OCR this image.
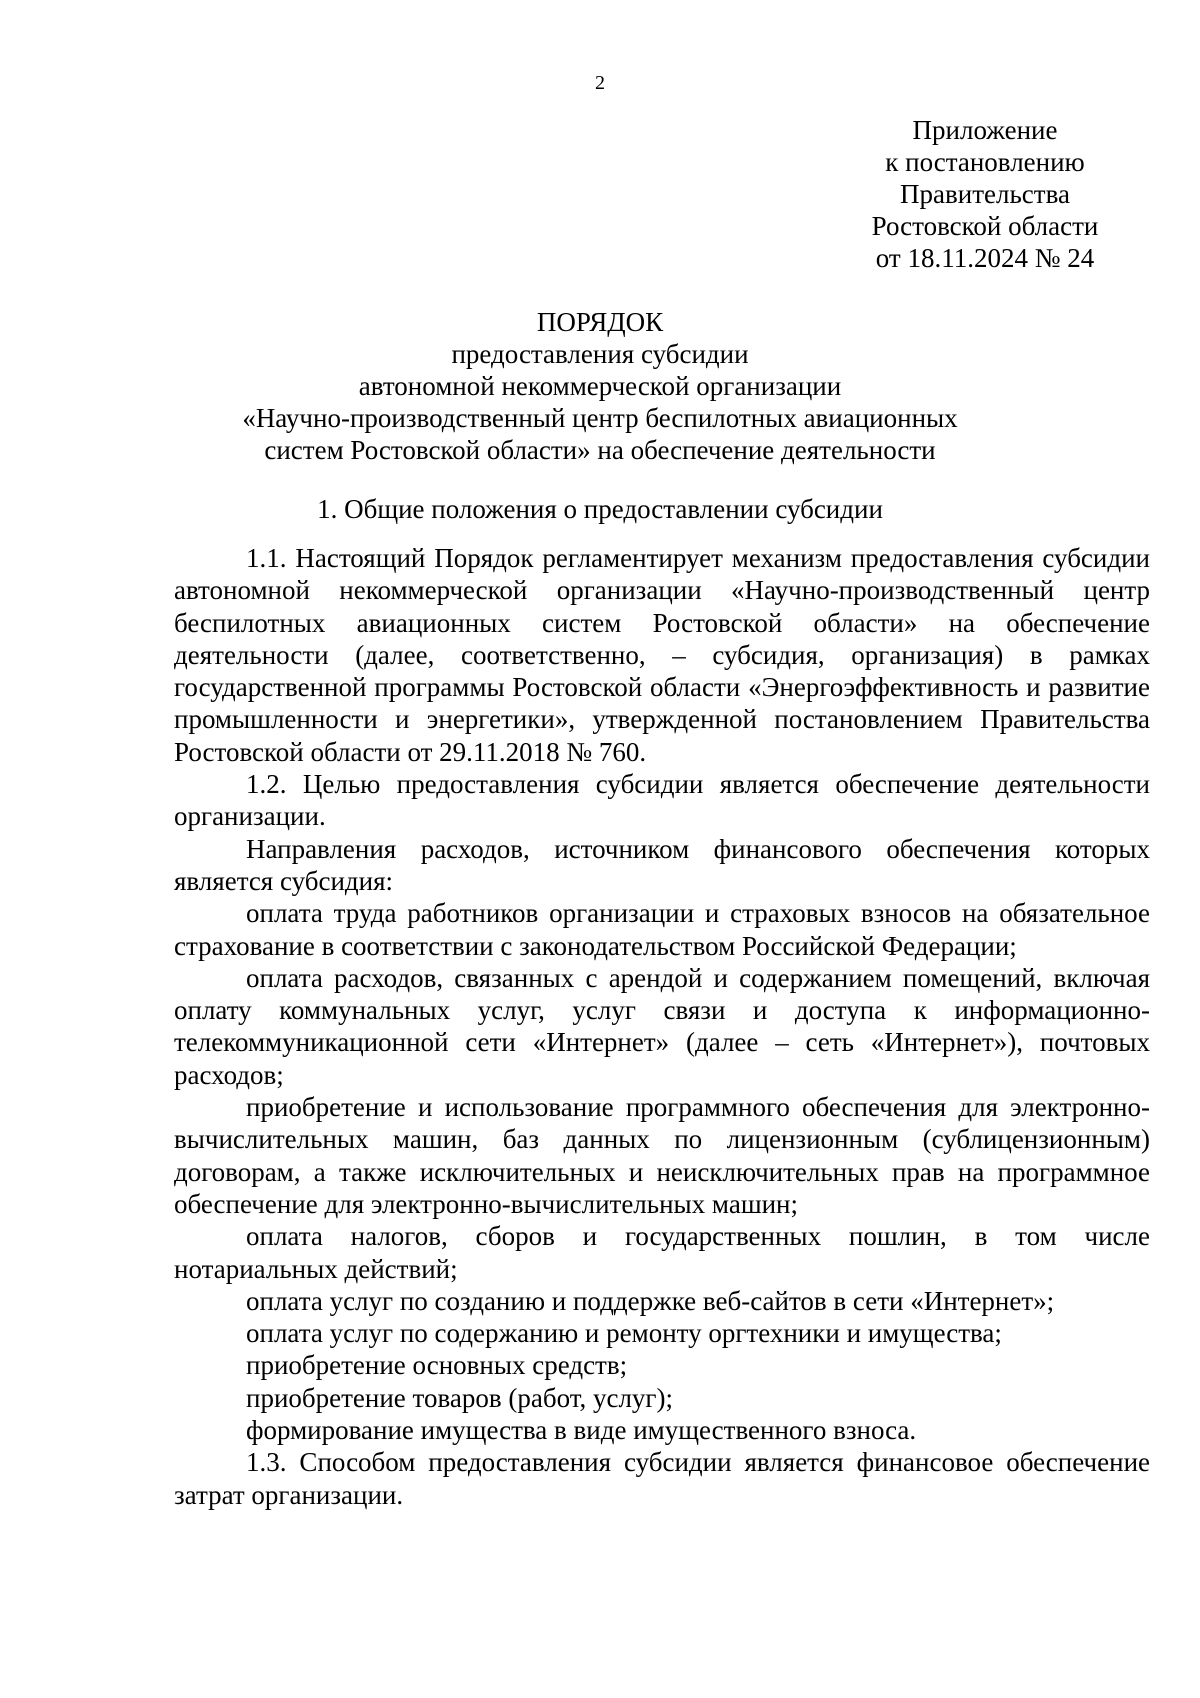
2
Приложение
к постановлению
Правительства
Ростовской области
от 18.11.2024 № 24
ПОРЯДОК
предоставления субсидии
автономной некоммерческой организации
«Научно-производственный центр беспилотных авиационных
систем Ростовской области» на обеспечение деятельности
1. Общие положения о предоставлении субсидии

1.1. Настоящий Порядок регламентирует механизм предоставления субсидии автономной некоммерческой организации «Научно-производственный центр беспилотных авиационных систем Ростовской области» на обеспечение деятельности (далее, соответственно, – субсидия, организация) в рамках государственной программы Ростовской области «Энергоэффективность и развитие промышленности и энергетики», утвержденной постановлением Правительства Ростовской области от 29.11.2018 № 760.

1.2. Целью предоставления субсидии является обеспечение деятельности организации.

Направления расходов, источником финансового обеспечения которых является субсидия:

оплата труда работников организации и страховых взносов на обязательное страхование в соответствии с законодательством Российской Федерации;

оплата расходов, связанных с арендой и содержанием помещений, включая оплату коммунальных услуг, услуг связи и доступа к информационно-телекоммуникационной сети «Интернет» (далее – сеть «Интернет»), почтовых расходов;

приобретение и использование программного обеспечения для электронно-вычислительных машин, баз данных по лицензионным (сублицензионным) договорам, а также исключительных и неисключительных прав на программное обеспечение для электронно-вычислительных машин;

оплата налогов, сборов и государственных пошлин, в том числе нотариальных действий;

оплата услуг по созданию и поддержке веб-сайтов в сети «Интернет»;

оплата услуг по содержанию и ремонту оргтехники и имущества;

приобретение основных средств;

приобретение товаров (работ, услуг);

формирование имущества в виде имущественного взноса.

1.3. Способом предоставления субсидии является финансовое обеспечение затрат организации.
